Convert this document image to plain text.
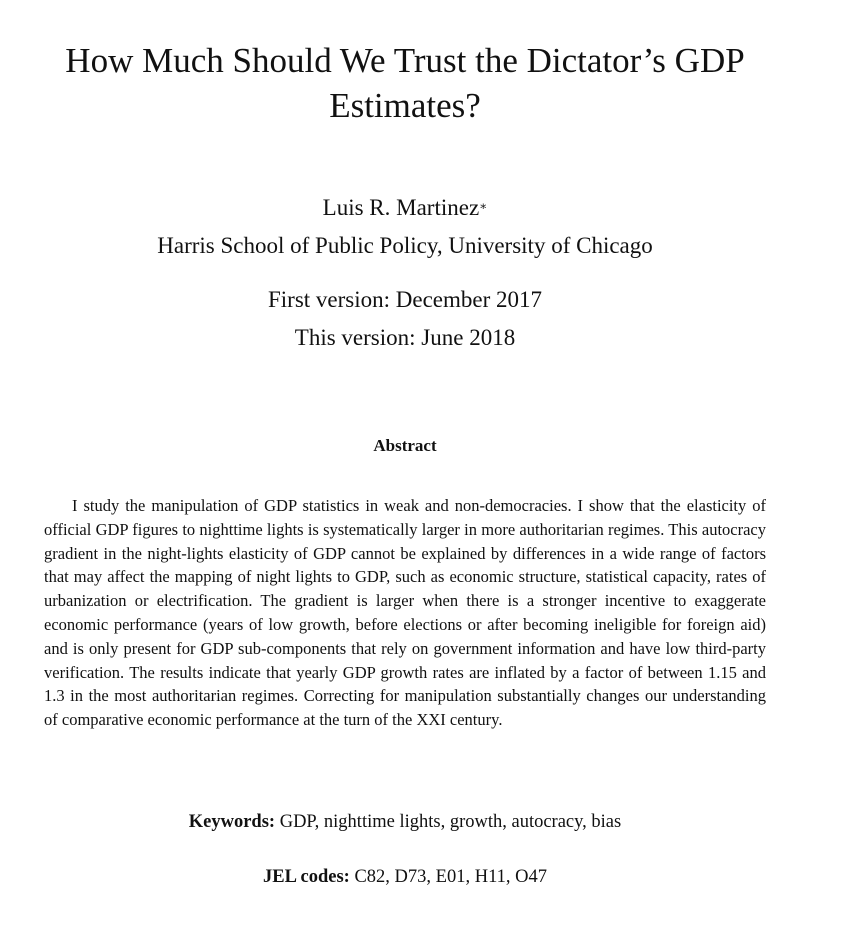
How Much Should We Trust the Dictator’s GDP Estimates?
Luis R. Martinez∗
Harris School of Public Policy, University of Chicago
First version: December 2017
This version: June 2018
Abstract

I study the manipulation of GDP statistics in weak and non-democracies. I show that the elasticity of official GDP figures to nighttime lights is systematically larger in more authoritarian regimes. This autocracy gradient in the night-lights elasticity of GDP cannot be explained by differences in a wide range of factors that may affect the mapping of night lights to GDP, such as economic structure, statistical capacity, rates of urbanization or electrification. The gradient is larger when there is a stronger incentive to exaggerate economic performance (years of low growth, before elections or after becoming ineligible for foreign aid) and is only present for GDP sub-components that rely on government information and have low third-party verification. The results indicate that yearly GDP growth rates are inflated by a factor of between 1.15 and 1.3 in the most authoritarian regimes. Correcting for manipulation substantially changes our understanding of comparative economic performance at the turn of the XXI century.

Keywords: GDP, nighttime lights, growth, autocracy, bias
JEL codes: C82, D73, E01, H11, O47
